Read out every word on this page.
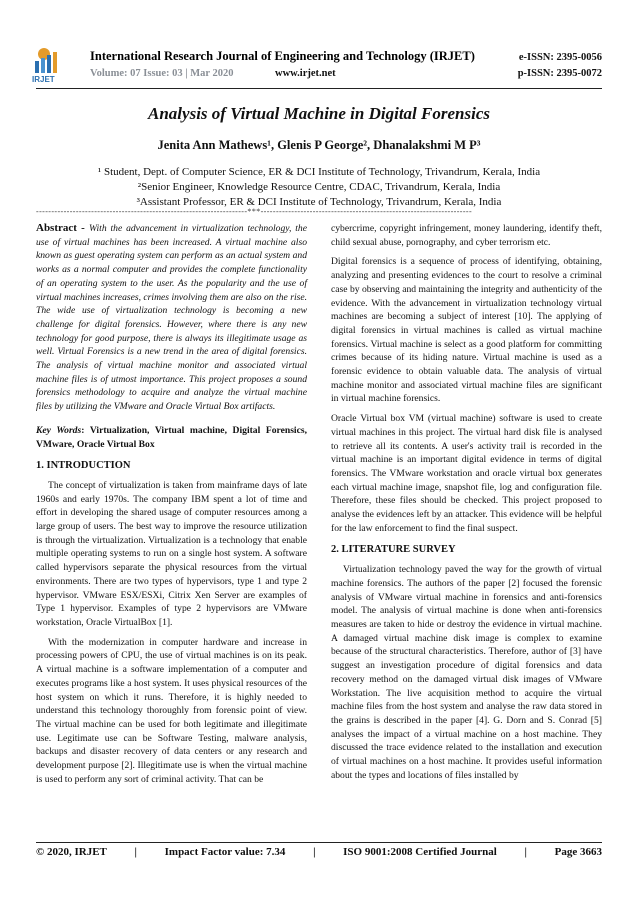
IRJET
International Research Journal of Engineering and Technology (IRJET)
Volume: 07 Issue: 03 | Mar 2020	www.irjet.net
e-ISSN: 2395-0056
p-ISSN: 2395-0072
Analysis of Virtual Machine in Digital Forensics
Jenita Ann Mathews¹, Glenis P George², Dhanalakshmi M P³
¹ Student, Dept. of Computer Science, ER & DCI Institute of Technology, Trivandrum, Kerala, India
²Senior Engineer, Knowledge Resource Centre, CDAC, Trivandrum, Kerala, India
³Assistant Professor, ER & DCI Institute of Technology, Trivandrum, Kerala, India
---------------------------------------------------------------------***---------------------------------------------------------------------

Abstract - With the advancement in virtualization technology, the use of virtual machines has been increased. A virtual machine also known as guest operating system can perform as an actual system and works as a normal computer and provides the complete functionality of an operating system to the user. As the popularity and the use of virtual machines increases, crimes involving them are also on the rise. The wide use of virtualization technology is becoming a new challenge for digital forensics. However, where there is any new technology for good purpose, there is always its illegitimate usage as well. Virtual Forensics is a new trend in the area of digital forensics. The analysis of virtual machine monitor and associated virtual machine files is of utmost importance. This project proposes a sound forensics methodology to acquire and analyze the virtual machine files by utilizing the VMware and Oracle Virtual Box artifacts.

Key Words: Virtualization, Virtual machine, Digital Forensics, VMware, Oracle Virtual Box

1. INTRODUCTION

The concept of virtualization is taken from mainframe days of late 1960s and early 1970s. The company IBM spent a lot of time and effort in developing the shared usage of computer resources among a large group of users. The best way to improve the resource utilization is through the virtualization. Virtualization is a technology that enable multiple operating systems to run on a single host system. A software called hypervisors separate the physical resources from the virtual environments. There are two types of hypervisors, type 1 and type 2 hypervisor. VMware ESX/ESXi, Citrix Xen Server are examples of Type 1 hypervisor. Examples of type 2 hypervisors are VMware workstation, Oracle VirtualBox [1].

With the modernization in computer hardware and increase in processing powers of CPU, the use of virtual machines is on its peak. A virtual machine is a software implementation of a computer and executes programs like a host system. It uses physical resources of the host system on which it runs. Therefore, it is highly needed to understand this technology thoroughly from forensic point of view. The virtual machine can be used for both legitimate and illegitimate use. Legitimate use can be Software Testing, malware analysis, backups and disaster recovery of data centers or any research and development purpose [2]. Illegitimate use is when the virtual machine is used to perform any sort of criminal activity. That can be

cybercrime, copyright infringement, money laundering, identify theft, child sexual abuse, pornography, and cyber terrorism etc.

Digital forensics is a sequence of process of identifying, obtaining, analyzing and presenting evidences to the court to resolve a criminal case by observing and maintaining the integrity and authenticity of the evidence. With the advancement in virtualization technology virtual machines are becoming a subject of interest [10]. The applying of digital forensics in virtual machines is called as virtual machine forensics. Virtual machine is select as a good platform for committing crimes because of its hiding nature. Virtual machine is used as a forensic evidence to obtain valuable data. The analysis of virtual machine monitor and associated virtual machine files are significant in virtual machine forensics.

Oracle Virtual box VM (virtual machine) software is used to create virtual machines in this project. The virtual hard disk file is analysed to retrieve all its contents. A user's activity trail is recorded in the virtual machine is an important digital evidence in terms of digital forensics. The VMware workstation and oracle virtual box generates each virtual machine image, snapshot file, log and configuration file. Therefore, these files should be checked. This project proposed to analyse the evidences left by an attacker. This evidence will be helpful for the law enforcement to find the final suspect.

2. LITERATURE SURVEY

Virtualization technology paved the way for the growth of virtual machine forensics. The authors of the paper [2] focused the forensic analysis of VMware virtual machine in forensics and anti-forensics model. The analysis of virtual machine is done when anti-forensics measures are taken to hide or destroy the evidence in virtual machine. A damaged virtual machine disk image is complex to examine because of the structural characteristics. Therefore, author of [3] have suggest an investigation procedure of digital forensics and data recovery method on the damaged virtual disk images of VMware Workstation. The live acquisition method to acquire the virtual machine files from the host system and analyse the raw data stored in the grains is described in the paper [4]. G. Dorn and S. Conrad [5] analyses the impact of a virtual machine on a host machine. They discussed the trace evidence related to the installation and execution of virtual machines on a host machine. It provides useful information about the types and locations of files installed by

© 2020, IRJET	|	Impact Factor value: 7.34	|	ISO 9001:2008 Certified Journal	|	Page 3663
